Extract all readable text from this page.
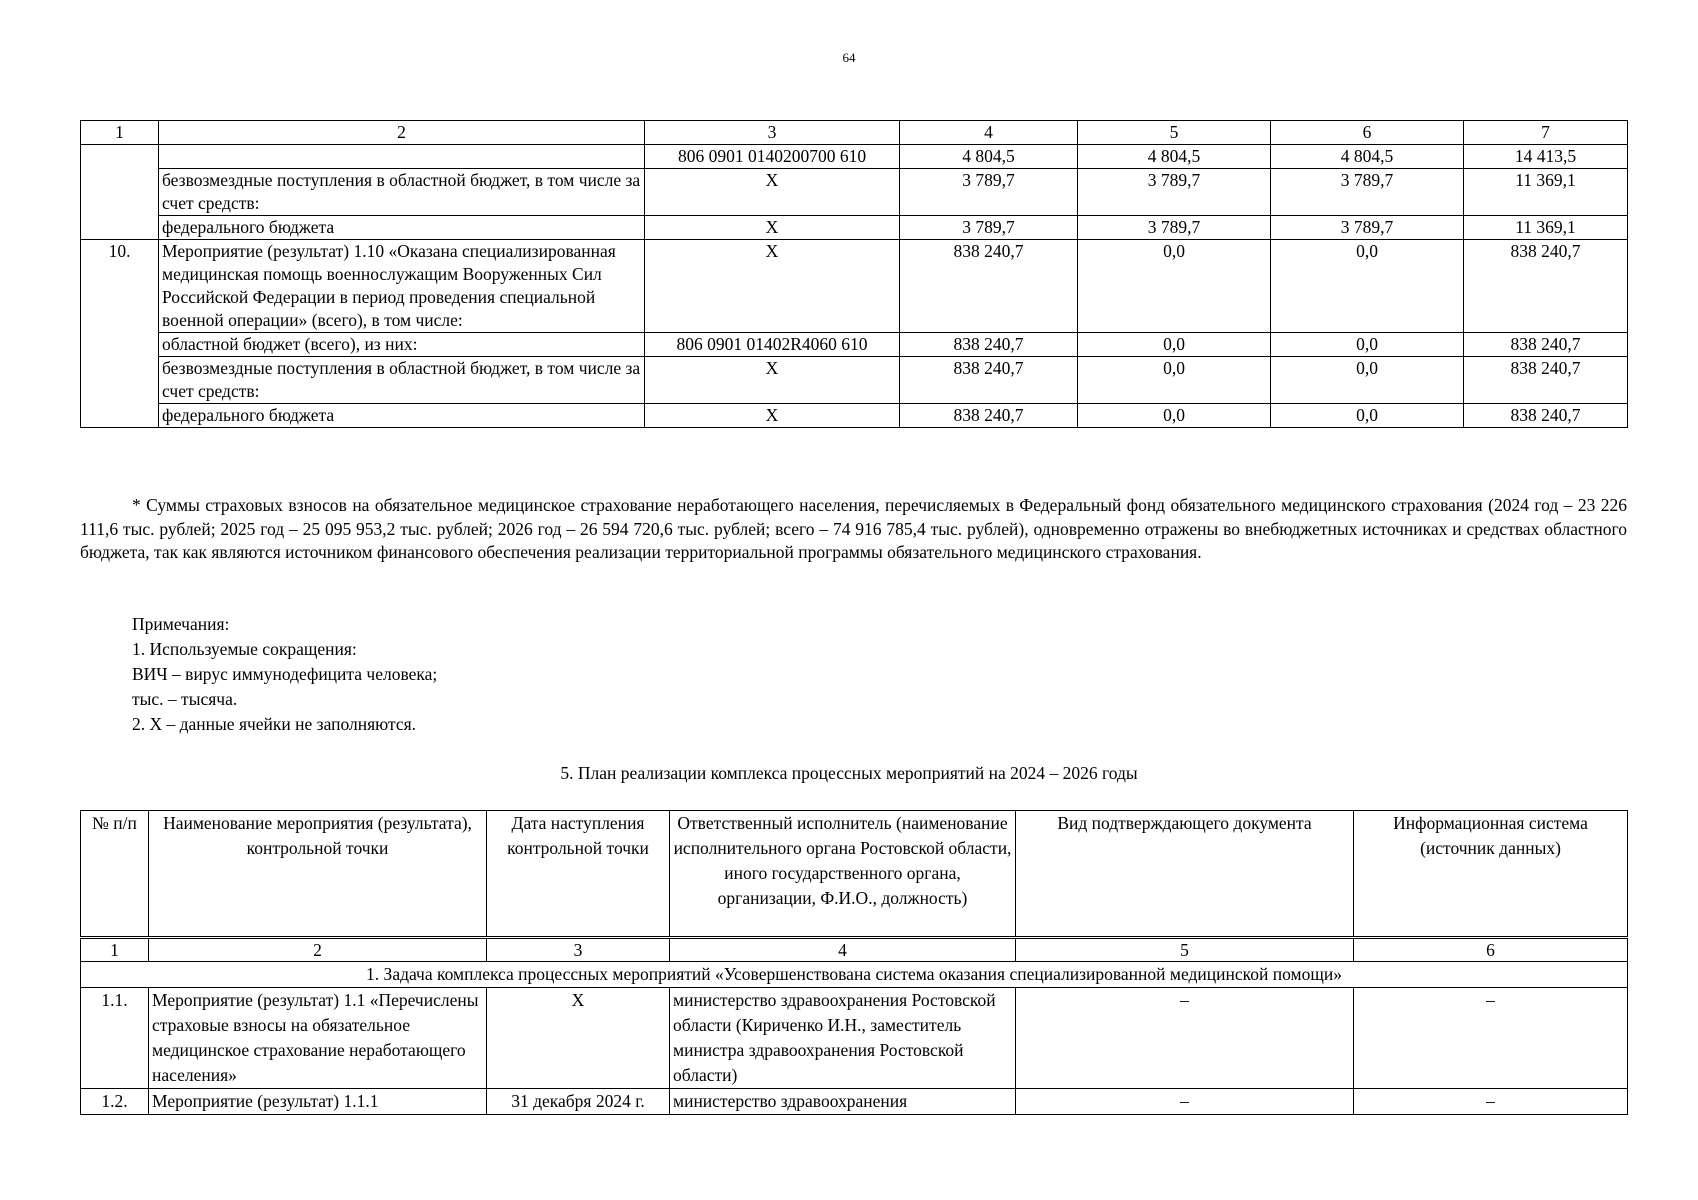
64
1	2	3	4	5	6	7
		806 0901 0140200700 610	4 804,5	4 804,5	4 804,5	14 413,5
	безвозмездные поступления в областной бюджет, в том числе за счет средств:	Х	3 789,7	3 789,7	3 789,7	11 369,1
	федерального бюджета	Х	3 789,7	3 789,7	3 789,7	11 369,1
10.	Мероприятие (результат) 1.10 «Оказана специализированная медицинская помощь военнослужащим Вооруженных Сил Российской Федерации в период проведения специальной военной операции» (всего), в том числе:	Х	838 240,7	0,0	0,0	838 240,7
	областной бюджет (всего), из них:	806 0901 01402R4060 610	838 240,7	0,0	0,0	838 240,7
	безвозмездные поступления в областной бюджет, в том числе за счет средств:	Х	838 240,7	0,0	0,0	838 240,7
	федерального бюджета	Х	838 240,7	0,0	0,0	838 240,7
* Суммы страховых взносов на обязательное медицинское страхование неработающего населения, перечисляемых в Федеральный фонд обязательного медицинского страхования (2024 год – 23 226 111,6 тыс. рублей; 2025 год – 25 095 953,2 тыс. рублей; 2026 год – 26 594 720,6 тыс. рублей; всего – 74 916 785,4 тыс. рублей), одновременно отражены во внебюджетных источниках и средствах областного бюджета, так как являются источником финансового обеспечения реализации территориальной программы обязательного медицинского страхования.
Примечания:
1. Используемые сокращения:
ВИЧ – вирус иммунодефицита человека;
тыс. – тысяча.
2. Х – данные ячейки не заполняются.
5. План реализации комплекса процессных мероприятий на 2024 – 2026 годы
№ п/п	Наименование мероприятия (результата), контрольной точки	Дата наступления контрольной точки	Ответственный исполнитель (наименование исполнительного органа Ростовской области, иного государственного органа, организации, Ф.И.О., должность)	Вид подтверждающего документа	Информационная система (источник данных)
1	2	3	4	5	6
1. Задача комплекса процессных мероприятий «Усовершенствована система оказания специализированной медицинской помощи»					
1.1.	Мероприятие (результат) 1.1 «Перечислены страховые взносы на обязательное медицинское страхование неработающего населения»	Х	министерство здравоохранения Ростовской области (Кириченко И.Н., заместитель министра здравоохранения Ростовской области)	–	–
1.2.	Мероприятие (результат) 1.1.1	31 декабря 2024 г.	министерство здравоохранения	–	–
